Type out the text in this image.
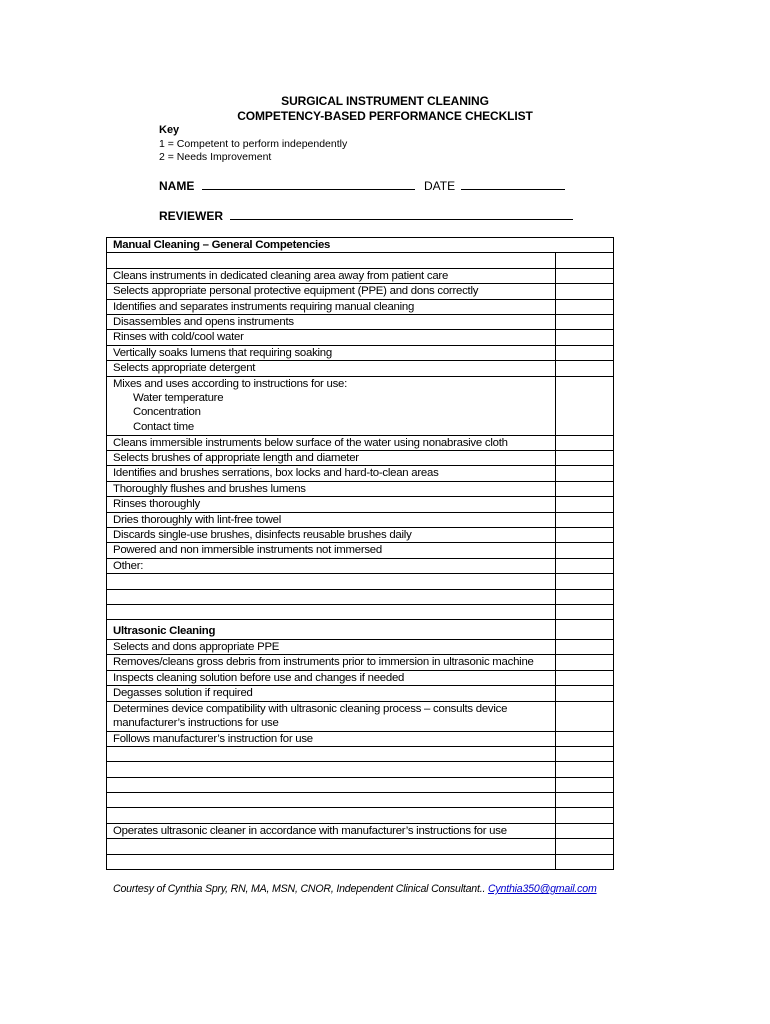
SURGICAL INSTRUMENT CLEANING
COMPETENCY-BASED PERFORMANCE CHECKLIST
Key
1 = Competent to perform independently
2 = Needs Improvement
NAME	DATE
REVIEWER
Manual Cleaning – General Competencies	

Cleans instruments in dedicated cleaning area away from patient care	
Selects appropriate personal protective equipment (PPE) and dons correctly	
Identifies and separates instruments requiring manual cleaning	
Disassembles and opens instruments	
Rinses with cold/cool water	
Vertically soaks lumens that requiring soaking	
Selects appropriate detergent	

Mixes and uses according to instructions for use:
Water temperature
Concentration
Contact time	

Cleans immersible instruments below surface of the water using nonabrasive cloth	
Selects brushes of appropriate length and diameter	
Identifies and brushes serrations, box locks and hard-to-clean areas	
Thoroughly flushes and brushes lumens	
Rinses thoroughly	
Dries thoroughly with lint-free towel	
Discards single-use brushes, disinfects reusable brushes daily	
Powered and non immersible instruments not immersed	
Other:	

Ultrasonic Cleaning	
Selects and dons appropriate PPE	
Removes/cleans gross debris from instruments prior to immersion in ultrasonic machine	
Inspects cleaning solution before use and changes if needed	
Degasses solution if required	
Determines device compatibility with ultrasonic cleaning process – consults device manufacturer’s instructions for use	
Follows manufacturer’s instruction for use	

Operates ultrasonic cleaner in accordance with manufacturer’s instructions for use	

Courtesy of Cynthia Spry, RN, MA, MSN, CNOR, Independent Clinical Consultant.. Cynthia350@gmail.com
